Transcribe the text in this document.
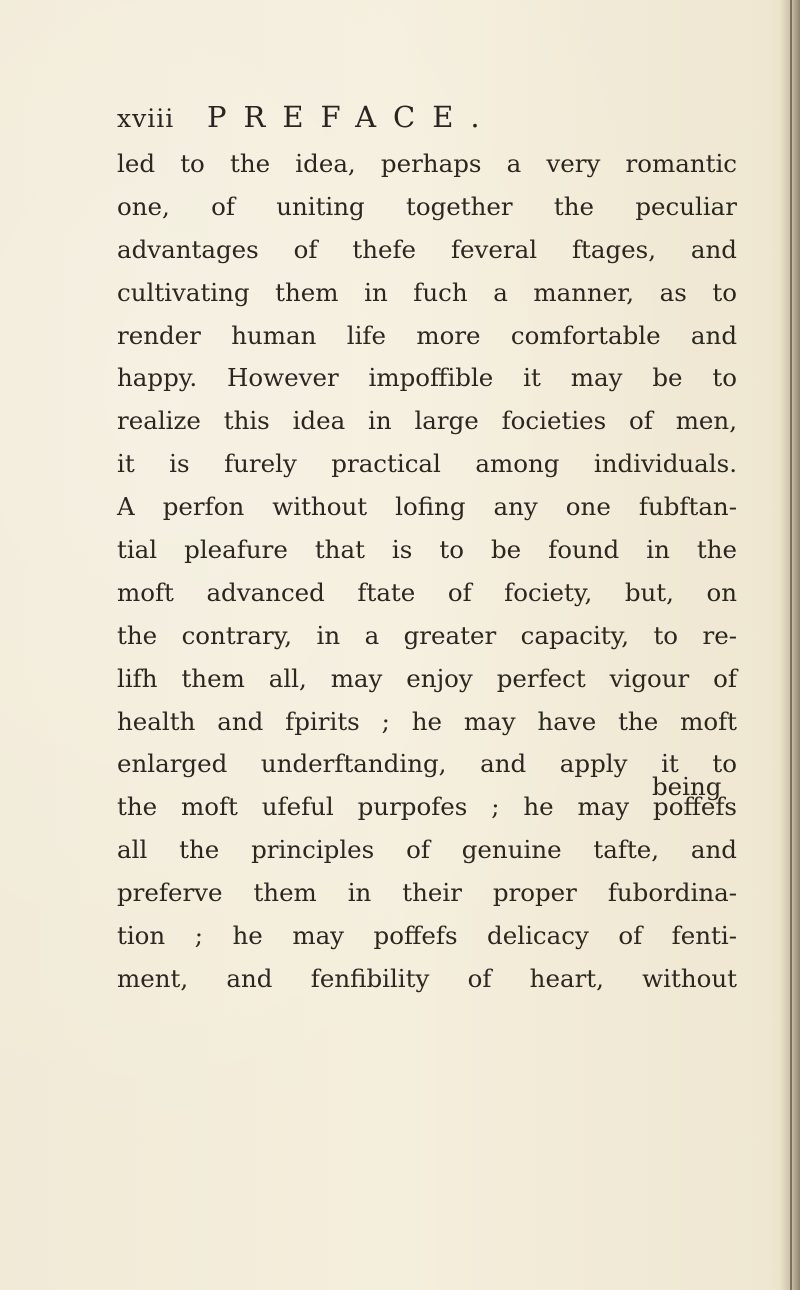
xviii PREFACE.
led to the idea, perhaps a very romantic
one, of uniting together the peculiar
advantages of thefe feveral ftages, and
cultivating them in fuch a manner, as to
render human life more comfortable and
happy. However impoffible it may be to
realize this idea in large focieties of men,
it is furely practical among individuals.
A perfon without lofing any one fubftan-
tial pleafure that is to be found in the
moft advanced ftate of fociety, but, on
the contrary, in a greater capacity, to re-
lifh them all, may enjoy perfect vigour of
health and fpirits ; he may have the moft
enlarged underftanding, and apply it to
the moft ufeful purpofes ; he may poffefs
all the principles of genuine tafte, and
preferve them in their proper fubordina-
tion ; he may poffefs delicacy of fenti-
ment, and fenfibility of heart, without
being
